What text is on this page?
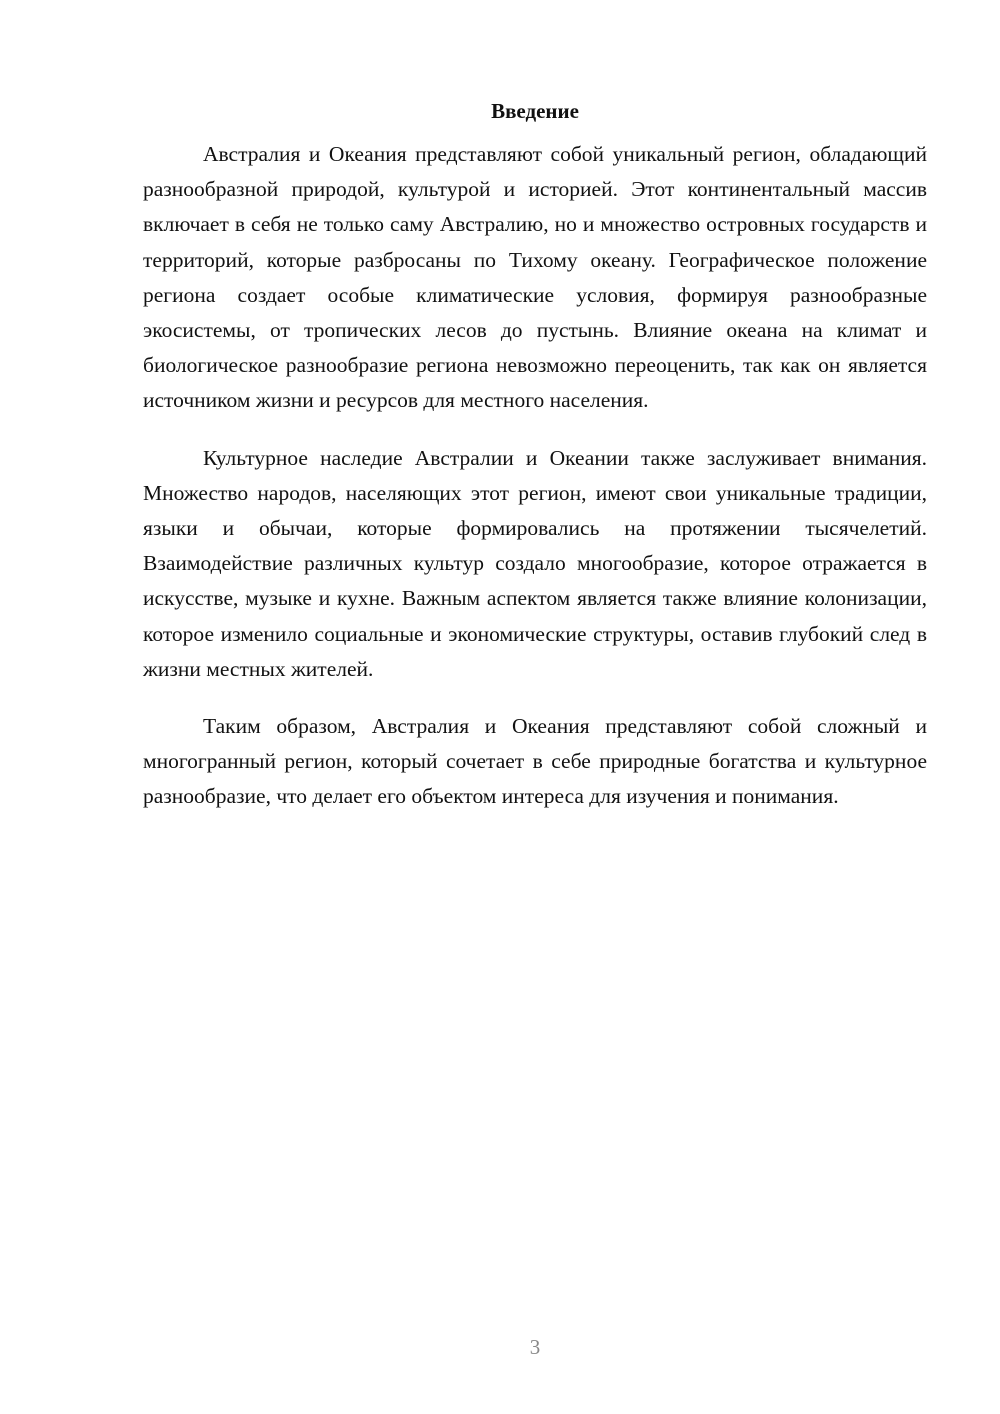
Введение

Австралия и Океания представляют собой уникальный регион, обладающий разнообразной природой, культурой и историей. Этот континентальный массив включает в себя не только саму Австралию, но и множество островных государств и территорий, которые разбросаны по Тихому океану. Географическое положение региона создает особые климатические условия, формируя разнообразные экосистемы, от тропических лесов до пустынь. Влияние океана на климат и биологическое разнообразие региона невозможно переоценить, так как он является источником жизни и ресурсов для местного населения.

Культурное наследие Австралии и Океании также заслуживает внимания. Множество народов, населяющих этот регион, имеют свои уникальные традиции, языки и обычаи, которые формировались на протяжении тысячелетий. Взаимодействие различных культур создало многообразие, которое отражается в искусстве, музыке и кухне. Важным аспектом является также влияние колонизации, которое изменило социальные и экономические структуры, оставив глубокий след в жизни местных жителей.

Таким образом, Австралия и Океания представляют собой сложный и многогранный регион, который сочетает в себе природные богатства и культурное разнообразие, что делает его объектом интереса для изучения и понимания.

3
